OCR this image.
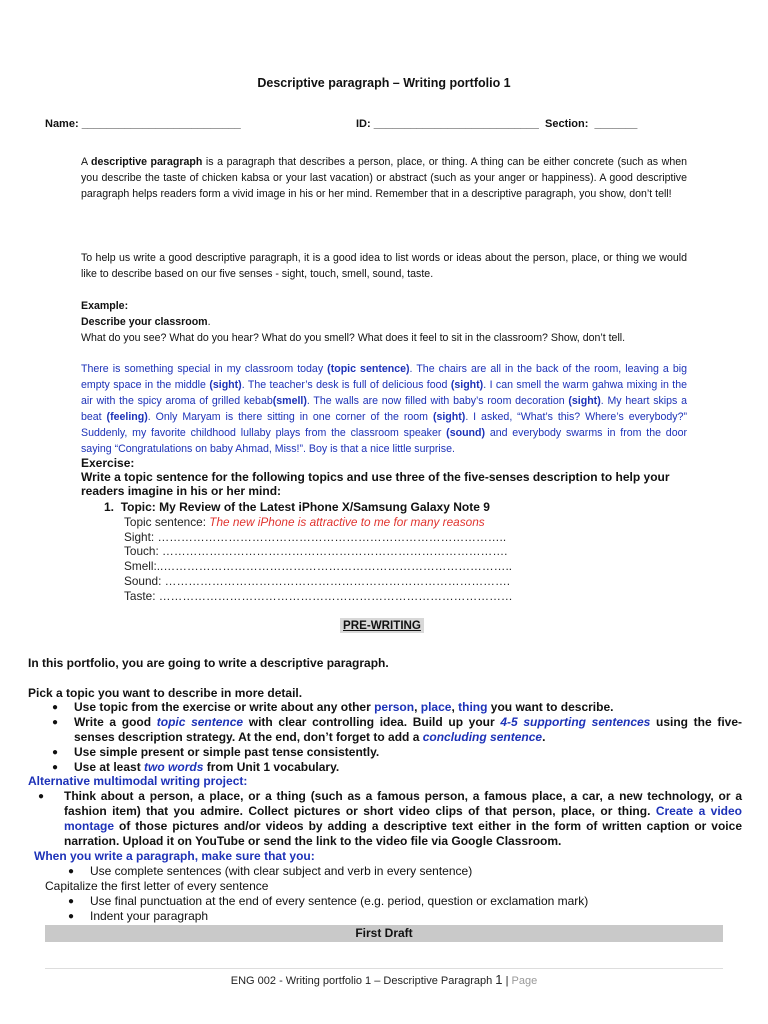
Descriptive paragraph – Writing portfolio 1
Name: __________________________	ID: ___________________________ Section: _______
A descriptive paragraph is a paragraph that describes a person, place, or thing. A thing can be either concrete (such as when you describe the taste of chicken kabsa or your last vacation) or abstract (such as your anger or happiness). A good descriptive paragraph helps readers form a vivid image in his or her mind. Remember that in a descriptive paragraph, you show, don’t tell!
To help us write a good descriptive paragraph, it is a good idea to list words or ideas about the person, place, or thing we would like to describe based on our five senses - sight, touch, smell, sound, taste.
Example:
Describe your classroom.
What do you see? What do you hear? What do you smell? What does it feel to sit in the classroom? Show, don’t tell.
There is something special in my classroom today (topic sentence). The chairs are all in the back of the room, leaving a big empty space in the middle (sight). The teacher’s desk is full of delicious food (sight). I can smell the warm gahwa mixing in the air with the spicy aroma of grilled kebab(smell). The walls are now filled with baby’s room decoration (sight). My heart skips a beat (feeling). Only Maryam is there sitting in one corner of the room (sight). I asked, “What’s this? Where’s everybody?” Suddenly, my favorite childhood lullaby plays from the classroom speaker (sound) and everybody swarms in from the door saying “Congratulations on baby Ahmad, Miss!”. Boy is that a nice little surprise.
Exercise:
Write a topic sentence for the following topics and use three of the five-senses description to help your readers imagine in his or her mind:
1. Topic: My Review of the Latest iPhone X/Samsung Galaxy Note 9
Topic sentence: The new iPhone is attractive to me for many reasons
Sight: ……………………………………………………………………………..
Touch: …………………………………………………………………………….
Smell:..……………………………………………………………………………..
Sound: …………………………………………………………………………….
Taste: ………………………………………………………………………………
PRE-WRITING
In this portfolio, you are going to write a descriptive paragraph.
Pick a topic you want to describe in more detail.
● Use topic from the exercise or write about any other person, place, thing you want to describe.
● Write a good topic sentence with clear controlling idea. Build up your 4-5 supporting sentences using the five-senses description strategy. At the end, don’t forget to add a concluding sentence.
● Use simple present or simple past tense consistently.
● Use at least two words from Unit 1 vocabulary.
Alternative multimodal writing project:
● Think about a person, a place, or a thing (such as a famous person, a famous place, a car, a new technology, or a fashion item) that you admire. Collect pictures or short video clips of that person, place, or thing. Create a video montage of those pictures and/or videos by adding a descriptive text either in the form of written caption or voice narration. Upload it on YouTube or send the link to the video file via Google Classroom.
When you write a paragraph, make sure that you:
● Use complete sentences (with clear subject and verb in every sentence)
Capitalize the first letter of every sentence
● Use final punctuation at the end of every sentence (e.g. period, question or exclamation mark)
● Indent your paragraph
First Draft
ENG 002 - Writing portfolio 1 – Descriptive Paragraph 1 | Page
